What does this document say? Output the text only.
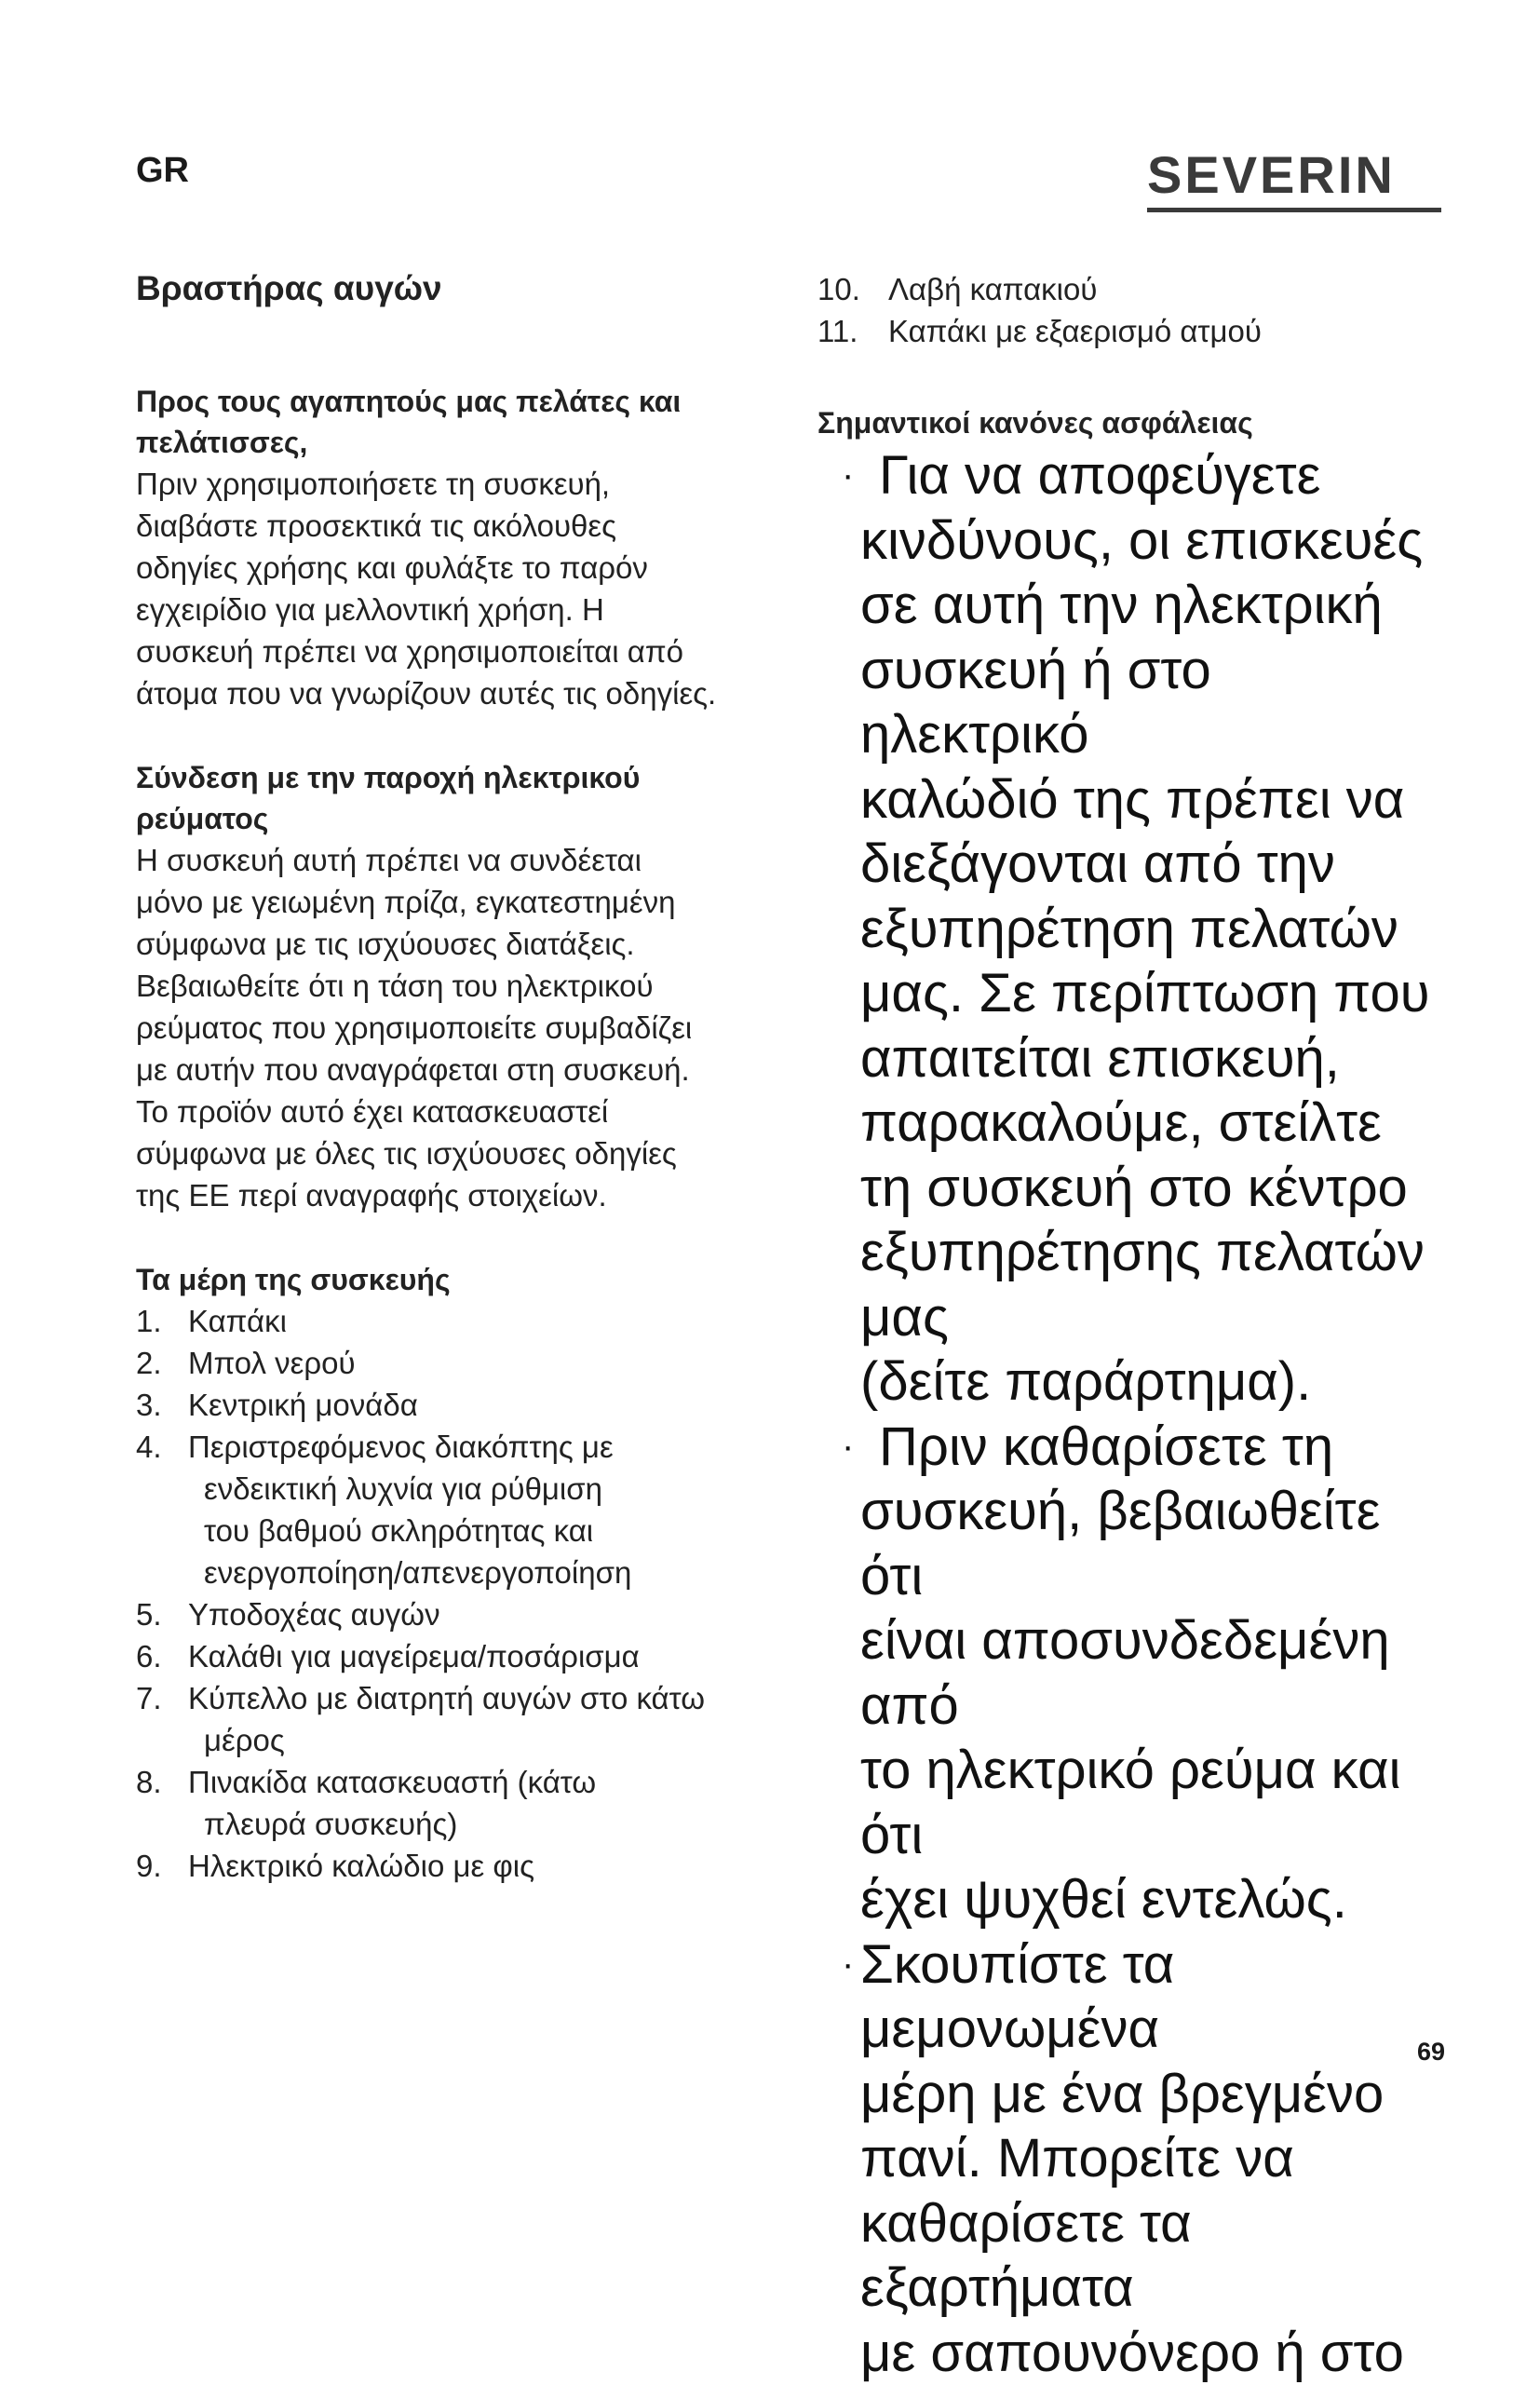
GR	SEVERIN
Βραστήρας αυγών

Προς τους αγαπητούς μας πελάτες και
πελάτισσες,

Πριν χρησιμοποιήσετε τη συσκευή,
διαβάστε προσεκτικά τις ακόλουθες
οδηγίες χρήσης και φυλάξτε το παρόν
εγχειρίδιο για μελλοντική χρήση. Η
συσκευή πρέπει να χρησιμοποιείται από
άτομα που να γνωρίζουν αυτές τις οδηγίες.

Σύνδεση με την παροχή ηλεκτρικού
ρεύματος

Η συσκευή αυτή πρέπει να συνδέεται
μόνο με γειωμένη πρίζα, εγκατεστημένη
σύμφωνα με τις ισχύουσες διατάξεις.
Βεβαιωθείτε ότι η τάση του ηλεκτρικού
ρεύματος που χρησιμοποιείτε συμβαδίζει
με αυτήν που αναγράφεται στη συσκευή.
Το προϊόν αυτό έχει κατασκευαστεί
σύμφωνα με όλες τις ισχύουσες οδηγίες
της ΕΕ περί αναγραφής στοιχείων.

Τα μέρη της συσκευής

1. Καπάκι
2. Μπολ νερού
3. Κεντρική μονάδα
4. Περιστρεφόμενος διακόπτης με
ενδεικτική λυχνία για ρύθμιση
του βαθμού σκληρότητας και
ενεργοποίηση/απενεργοποίηση
5. Υποδοχέας αυγών
6. Καλάθι για μαγείρεμα/ποσάρισμα
7. Κύπελλο με διατρητή αυγών στο κάτω
μέρος
8. Πινακίδα κατασκευαστή (κάτω
πλευρά συσκευής)
9. Ηλεκτρικό καλώδιο με φις
10. Λαβή καπακιού
11. Καπάκι με εξαερισμό ατμού

Σημαντικοί κανόνες ασφάλειας

· Για να αποφεύγετε
κινδύνους, οι επισκευές
σε αυτή την ηλεκτρική
συσκευή ή στο ηλεκτρικό
καλώδιό της πρέπει να
διεξάγονται από την
εξυπηρέτηση πελατών
μας. Σε περίπτωση που
απαιτείται επισκευή,
παρακαλούμε, στείλτε
τη συσκευή στο κέντρο
εξυπηρέτησης πελατών μας
(δείτε παράρτημα).
· Πριν καθαρίσετε τη
συσκευή, βεβαιωθείτε ότι
είναι αποσυνδεδεμένη από
το ηλεκτρικό ρεύμα και ότι
έχει ψυχθεί εντελώς.
· Σκουπίστε τα μεμονωμένα
μέρη με ένα βρεγμένο
πανί. Μπορείτε να
καθαρίσετε τα εξαρτήματα
με σαπουνόνερο ή στο
69
